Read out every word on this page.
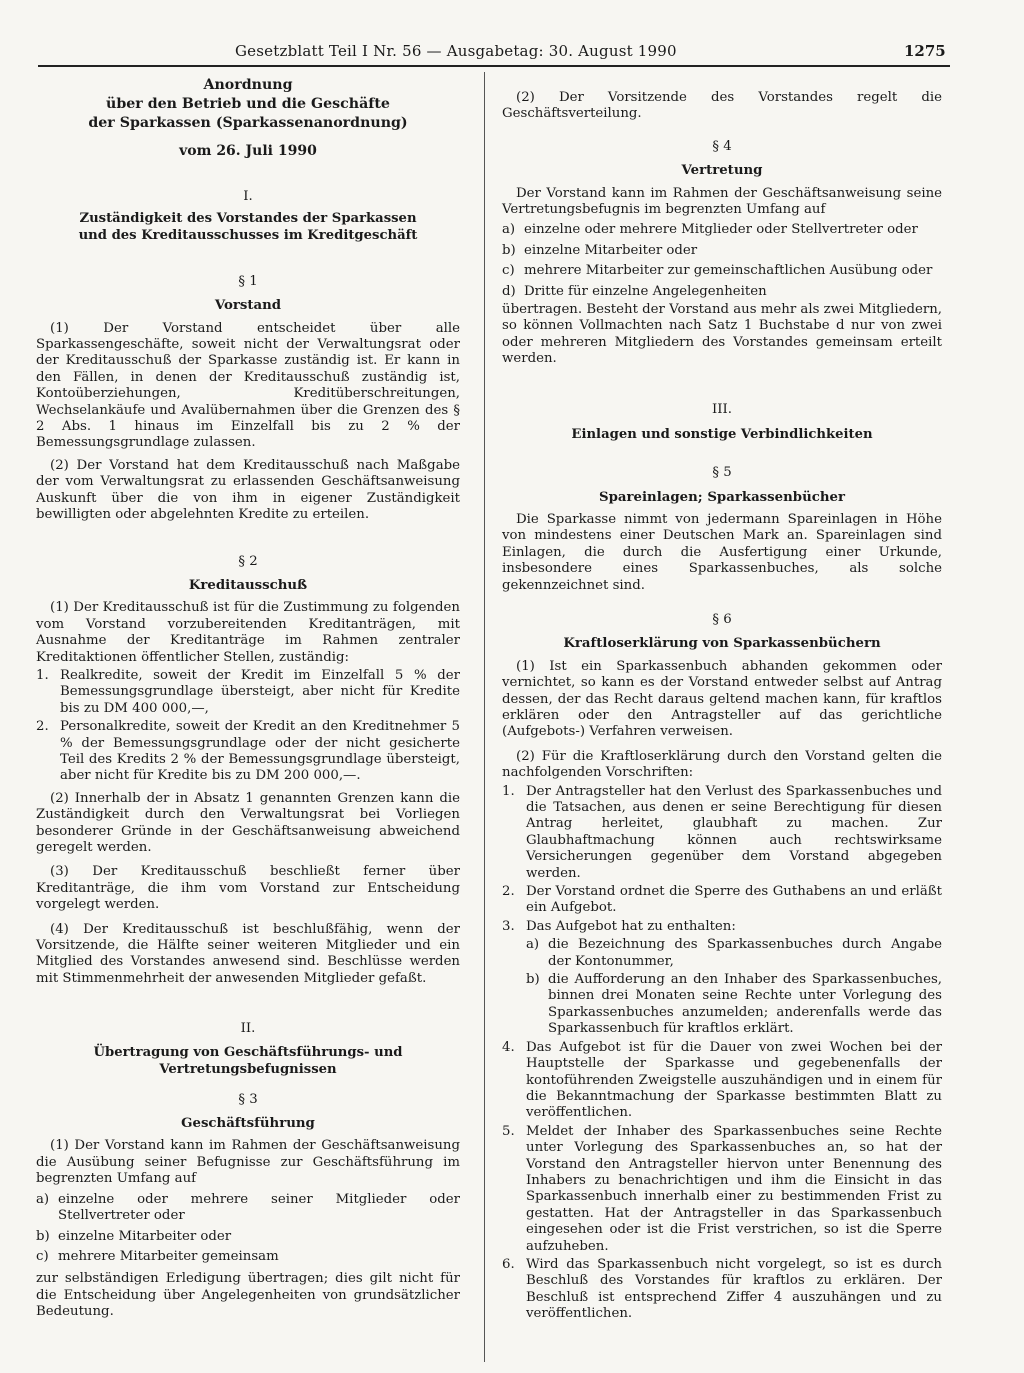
Gesetzblatt Teil I Nr. 56 — Ausgabetag: 30. August 1990	1275
Anordnung
über den Betrieb und die Geschäfte
der Sparkassen (Sparkassenanordnung)
vom 26. Juli 1990
I.
Zuständigkeit des Vorstandes der Sparkassen
und des Kreditausschusses im Kreditgeschäft
§ 1
Vorstand

(1) Der Vorstand entscheidet über alle Sparkassengeschäfte, soweit nicht der Verwaltungsrat oder der Kreditausschuß der Sparkasse zuständig ist. Er kann in den Fällen, in denen der Kreditausschuß zuständig ist, Kontoüberziehungen, Kreditüberschreitungen, Wechselankäufe und Avalübernahmen über die Grenzen des § 2 Abs. 1 hinaus im Einzelfall bis zu 2 % der Bemessungsgrundlage zulassen.

(2) Der Vorstand hat dem Kreditausschuß nach Maßgabe der vom Verwaltungsrat zu erlassenden Geschäftsanweisung Auskunft über die von ihm in eigener Zuständigkeit bewilligten oder abgelehnten Kredite zu erteilen.

§ 2
Kreditausschuß

(1) Der Kreditausschuß ist für die Zustimmung zu folgenden vom Vorstand vorzubereitenden Kreditanträgen, mit Ausnahme der Kreditanträge im Rahmen zentraler Kreditaktionen öffentlicher Stellen, zuständig:

1. Realkredite, soweit der Kredit im Einzelfall 5 % der Bemessungsgrundlage übersteigt, aber nicht für Kredite bis zu DM 400 000,—,
2. Personalkredite, soweit der Kredit an den Kreditnehmer 5 % der Bemessungsgrundlage oder der nicht gesicherte Teil des Kredits 2 % der Bemessungsgrundlage übersteigt, aber nicht für Kredite bis zu DM 200 000,—.

(2) Innerhalb der in Absatz 1 genannten Grenzen kann die Zuständigkeit durch den Verwaltungsrat bei Vorliegen besonderer Gründe in der Geschäftsanweisung abweichend geregelt werden.

(3) Der Kreditausschuß beschließt ferner über Kreditanträge, die ihm vom Vorstand zur Entscheidung vorgelegt werden.

(4) Der Kreditausschuß ist beschlußfähig, wenn der Vorsitzende, die Hälfte seiner weiteren Mitglieder und ein Mitglied des Vorstandes anwesend sind. Beschlüsse werden mit Stimmenmehrheit der anwesenden Mitglieder gefaßt.

II.
Übertragung von Geschäftsführungs- und
Vertretungsbefugnissen
§ 3
Geschäftsführung

(1) Der Vorstand kann im Rahmen der Geschäftsanweisung die Ausübung seiner Befugnisse zur Geschäftsführung im begrenzten Umfang auf

a) einzelne oder mehrere seiner Mitglieder oder Stellvertreter oder
b) einzelne Mitarbeiter oder
c) mehrere Mitarbeiter gemeinsam

zur selbständigen Erledigung übertragen; dies gilt nicht für die Entscheidung über Angelegenheiten von grundsätzlicher Bedeutung.

(2) Der Vorsitzende des Vorstandes regelt die Geschäftsverteilung.

§ 4
Vertretung

Der Vorstand kann im Rahmen der Geschäftsanweisung seine Vertretungsbefugnis im begrenzten Umfang auf

a) einzelne oder mehrere Mitglieder oder Stellvertreter oder
b) einzelne Mitarbeiter oder
c) mehrere Mitarbeiter zur gemeinschaftlichen Ausübung oder
d) Dritte für einzelne Angelegenheiten

übertragen. Besteht der Vorstand aus mehr als zwei Mitgliedern, so können Vollmachten nach Satz 1 Buchstabe d nur von zwei oder mehreren Mitgliedern des Vorstandes gemeinsam erteilt werden.

III.
Einlagen und sonstige Verbindlichkeiten
§ 5
Spareinlagen; Sparkassenbücher

Die Sparkasse nimmt von jedermann Spareinlagen in Höhe von mindestens einer Deutschen Mark an. Spareinlagen sind Einlagen, die durch die Ausfertigung einer Urkunde, insbesondere eines Sparkassenbuches, als solche gekennzeichnet sind.

§ 6
Kraftloserklärung von Sparkassenbüchern

(1) Ist ein Sparkassenbuch abhanden gekommen oder vernichtet, so kann es der Vorstand entweder selbst auf Antrag dessen, der das Recht daraus geltend machen kann, für kraftlos erklären oder den Antragsteller auf das gerichtliche (Aufgebots-) Verfahren verweisen.

(2) Für die Kraftloserklärung durch den Vorstand gelten die nachfolgenden Vorschriften:

1. Der Antragsteller hat den Verlust des Sparkassenbuches und die Tatsachen, aus denen er seine Berechtigung für diesen Antrag herleitet, glaubhaft zu machen. Zur Glaubhaftmachung können auch rechtswirksame Versicherungen gegenüber dem Vorstand abgegeben werden.
2. Der Vorstand ordnet die Sperre des Guthabens an und erläßt ein Aufgebot.
3. Das Aufgebot hat zu enthalten:
a) die Bezeichnung des Sparkassenbuches durch Angabe der Kontonummer,
b) die Aufforderung an den Inhaber des Sparkassenbuches, binnen drei Monaten seine Rechte unter Vorlegung des Sparkassenbuches anzumelden; anderenfalls werde das Sparkassenbuch für kraftlos erklärt.
4. Das Aufgebot ist für die Dauer von zwei Wochen bei der Hauptstelle der Sparkasse und gegebenenfalls der kontoführenden Zweigstelle auszuhändigen und in einem für die Bekanntmachung der Sparkasse bestimmten Blatt zu veröffentlichen.
5. Meldet der Inhaber des Sparkassenbuches seine Rechte unter Vorlegung des Sparkassenbuches an, so hat der Vorstand den Antragsteller hiervon unter Benennung des Inhabers zu benachrichtigen und ihm die Einsicht in das Sparkassenbuch innerhalb einer zu bestimmenden Frist zu gestatten. Hat der Antragsteller in das Sparkassenbuch eingesehen oder ist die Frist verstrichen, so ist die Sperre aufzuheben.
6. Wird das Sparkassenbuch nicht vorgelegt, so ist es durch Beschluß des Vorstandes für kraftlos zu erklären. Der Beschluß ist entsprechend Ziffer 4 auszuhängen und zu veröffentlichen.
